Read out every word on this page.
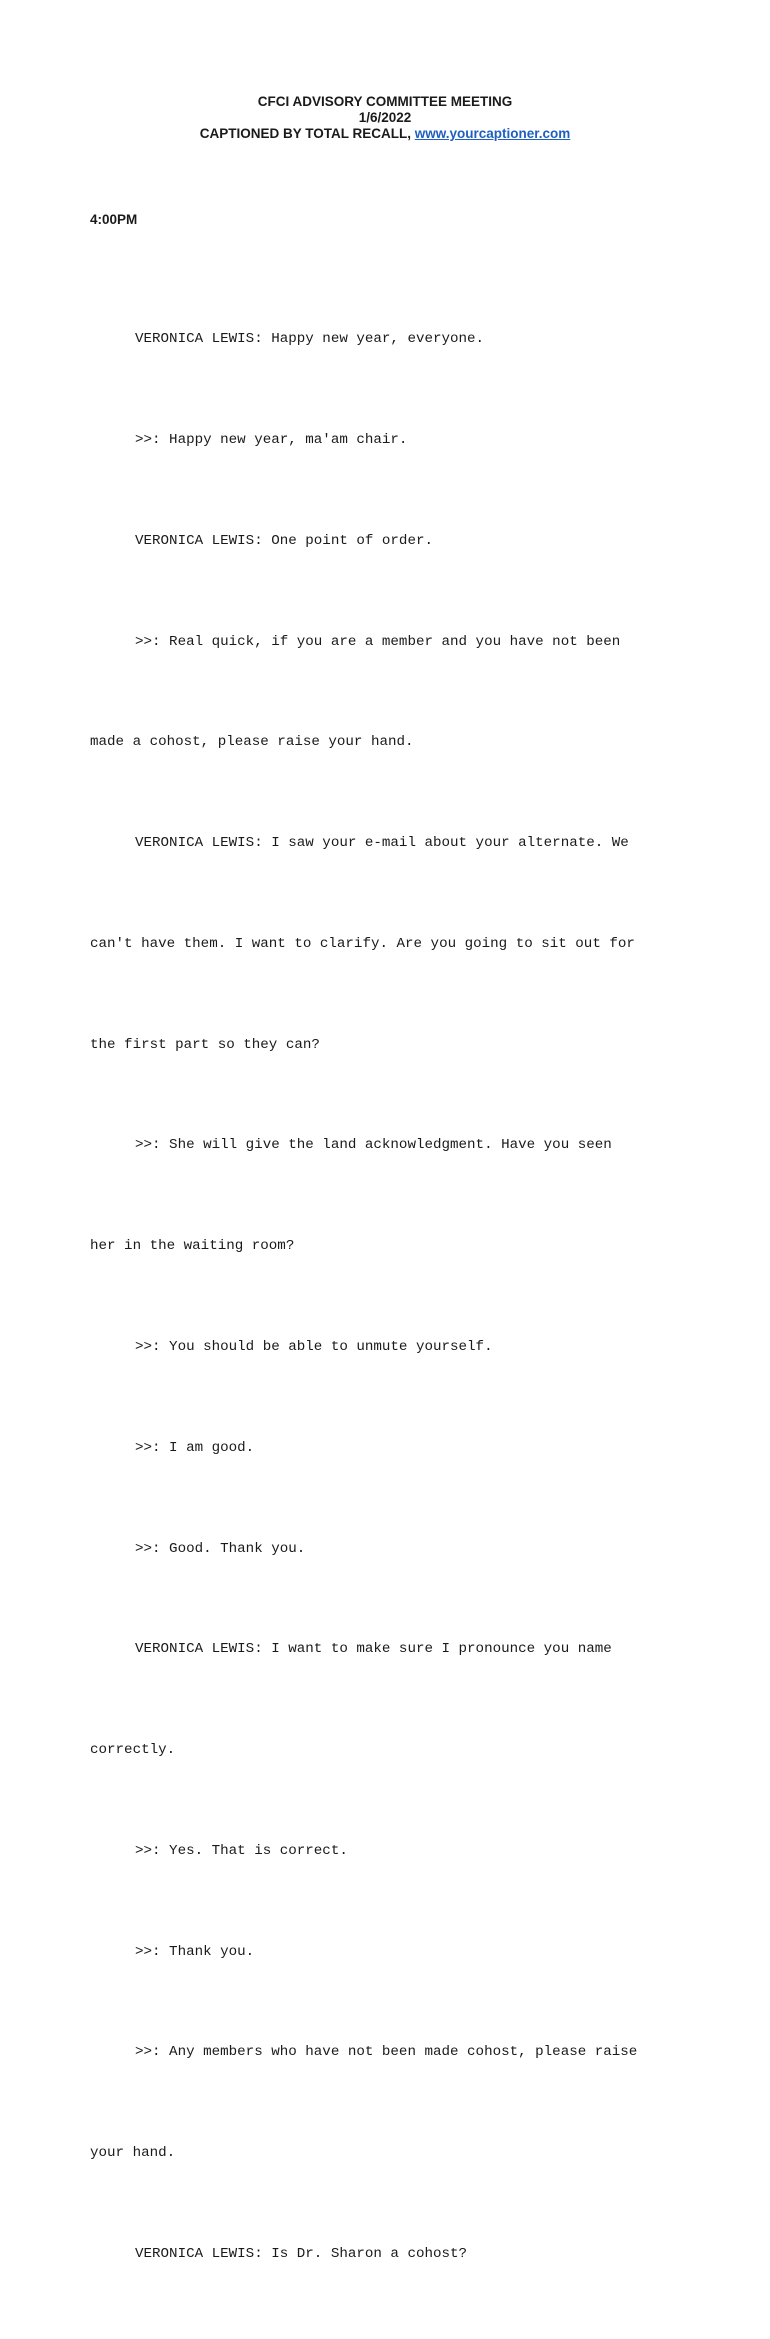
CFCI ADVISORY COMMITTEE MEETING
1/6/2022
CAPTIONED BY TOTAL RECALL, www.yourcaptioner.com
4:00PM

VERONICA LEWIS: Happy new year, everyone.

>>: Happy new year, ma'am chair.

VERONICA LEWIS: One point of order.

>>: Real quick, if you are a member and you have not been

made a cohost, please raise your hand.

VERONICA LEWIS: I saw your e-mail about your alternate. We

can't have them. I want to clarify. Are you going to sit out for

the first part so they can?

>>: She will give the land acknowledgment. Have you seen

her in the waiting room?

>>: You should be able to unmute yourself.

>>: I am good.

>>: Good. Thank you.

VERONICA LEWIS: I want to make sure I pronounce you name

correctly.

>>: Yes. That is correct.

>>: Thank you.

>>: Any members who have not been made cohost, please raise

your hand.

VERONICA LEWIS: Is Dr. Sharon a cohost?
